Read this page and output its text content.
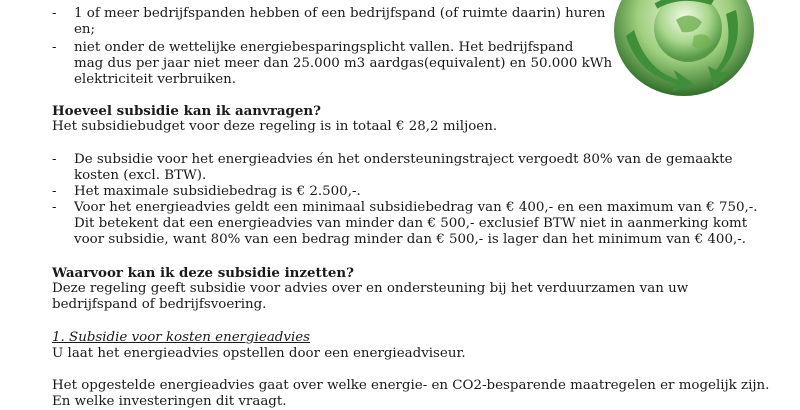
- 1 of meer bedrijfspanden hebben of een bedrijfspand (of ruimte daarin) huren
en;
- niet onder de wettelijke energiebesparingsplicht vallen. Het bedrijfspand
mag dus per jaar niet meer dan 25.000 m3 aardgas(equivalent) en 50.000 kWh
elektriciteit verbruiken.
Hoeveel subsidie kan ik aanvragen?
Het subsidiebudget voor deze regeling is in totaal € 28,2 miljoen.
- De subsidie voor het energieadvies én het ondersteuningstraject vergoedt 80% van de gemaakte
kosten (excl. BTW).
- Het maximale subsidiebedrag is € 2.500,-.
- Voor het energieadvies geldt een minimaal subsidiebedrag van € 400,- en een maximum van € 750,-.
Dit betekent dat een energieadvies van minder dan € 500,- exclusief BTW niet in aanmerking komt
voor subsidie, want 80% van een bedrag minder dan € 500,- is lager dan het minimum van € 400,-.
Waarvoor kan ik deze subsidie inzetten?
Deze regeling geeft subsidie voor advies over en ondersteuning bij het verduurzamen van uw
bedrijfspand of bedrijfsvoering.
1. Subsidie voor kosten energieadvies
U laat het energieadvies opstellen door een energieadviseur.
Het opgestelde energieadvies gaat over welke energie- en CO2-besparende maatregelen er mogelijk zijn.
En welke investeringen dit vraagt.
